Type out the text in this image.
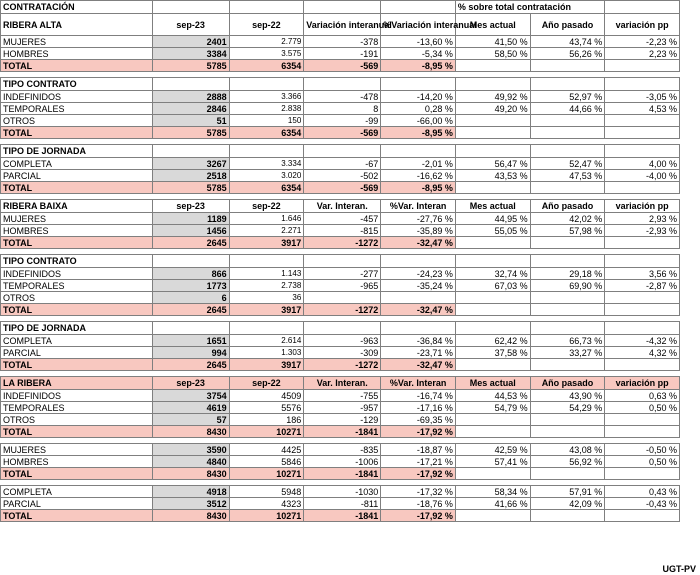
CONTRATACIÓN					% sobre total contratación		
RIBERA ALTA	sep-23	sep-22	Variación interanual	%Variación interanual	Mes actual	Año pasado	variación pp
MUJERES	2401	2.779	-378	-13,60 %	41,50 %	43,74 %	-2,23 %
HOMBRES	3384	3.575	-191	-5,34 %	58,50 %	56,26 %	2,23 %
TOTAL	5785	6354	-569	-8,95 %			

TIPO CONTRATO							
INDEFINIDOS	2888	3.366	-478	-14,20 %	49,92 %	52,97 %	-3,05 %
TEMPORALES	2846	2.838	8	0,28 %	49,20 %	44,66 %	4,53 %
OTROS	51	150	-99	-66,00 %			
TOTAL	5785	6354	-569	-8,95 %			

TIPO DE JORNADA							
COMPLETA	3267	3.334	-67	-2,01 %	56,47 %	52,47 %	4,00 %
PARCIAL	2518	3.020	-502	-16,62 %	43,53 %	47,53 %	-4,00 %
TOTAL	5785	6354	-569	-8,95 %			

RIBERA BAIXA	sep-23	sep-22	Var. Interan.	%Var. Interan	Mes actual	Año pasado	variación pp
MUJERES	1189	1.646	-457	-27,76 %	44,95 %	42,02 %	2,93 %
HOMBRES	1456	2.271	-815	-35,89 %	55,05 %	57,98 %	-2,93 %
TOTAL	2645	3917	-1272	-32,47 %			

TIPO CONTRATO							
INDEFINIDOS	866	1.143	-277	-24,23 %	32,74 %	29,18 %	3,56 %
TEMPORALES	1773	2.738	-965	-35,24 %	67,03 %	69,90 %	-2,87 %
OTROS	6	36					
TOTAL	2645	3917	-1272	-32,47 %			

TIPO DE JORNADA							
COMPLETA	1651	2.614	-963	-36,84 %	62,42 %	66,73 %	-4,32 %
PARCIAL	994	1.303	-309	-23,71 %	37,58 %	33,27 %	4,32 %
TOTAL	2645	3917	-1272	-32,47 %			

LA RIBERA	sep-23	sep-22	Var. Interan.	%Var. Interan	Mes actual	Año pasado	variación pp
INDEFINIDOS	3754	4509	-755	-16,74 %	44,53 %	43,90 %	0,63 %
TEMPORALES	4619	5576	-957	-17,16 %	54,79 %	54,29 %	0,50 %
OTROS	57	186	-129	-69,35 %			
TOTAL	8430	10271	-1841	-17,92 %			

MUJERES	3590	4425	-835	-18,87 %	42,59 %	43,08 %	-0,50 %
HOMBRES	4840	5846	-1006	-17,21 %	57,41 %	56,92 %	0,50 %
TOTAL	8430	10271	-1841	-17,92 %			

COMPLETA	4918	5948	-1030	-17,32 %	58,34 %	57,91 %	0,43 %
PARCIAL	3512	4323	-811	-18,76 %	41,66 %	42,09 %	-0,43 %
TOTAL	8430	10271	-1841	-17,92 %			
UGT-PV
